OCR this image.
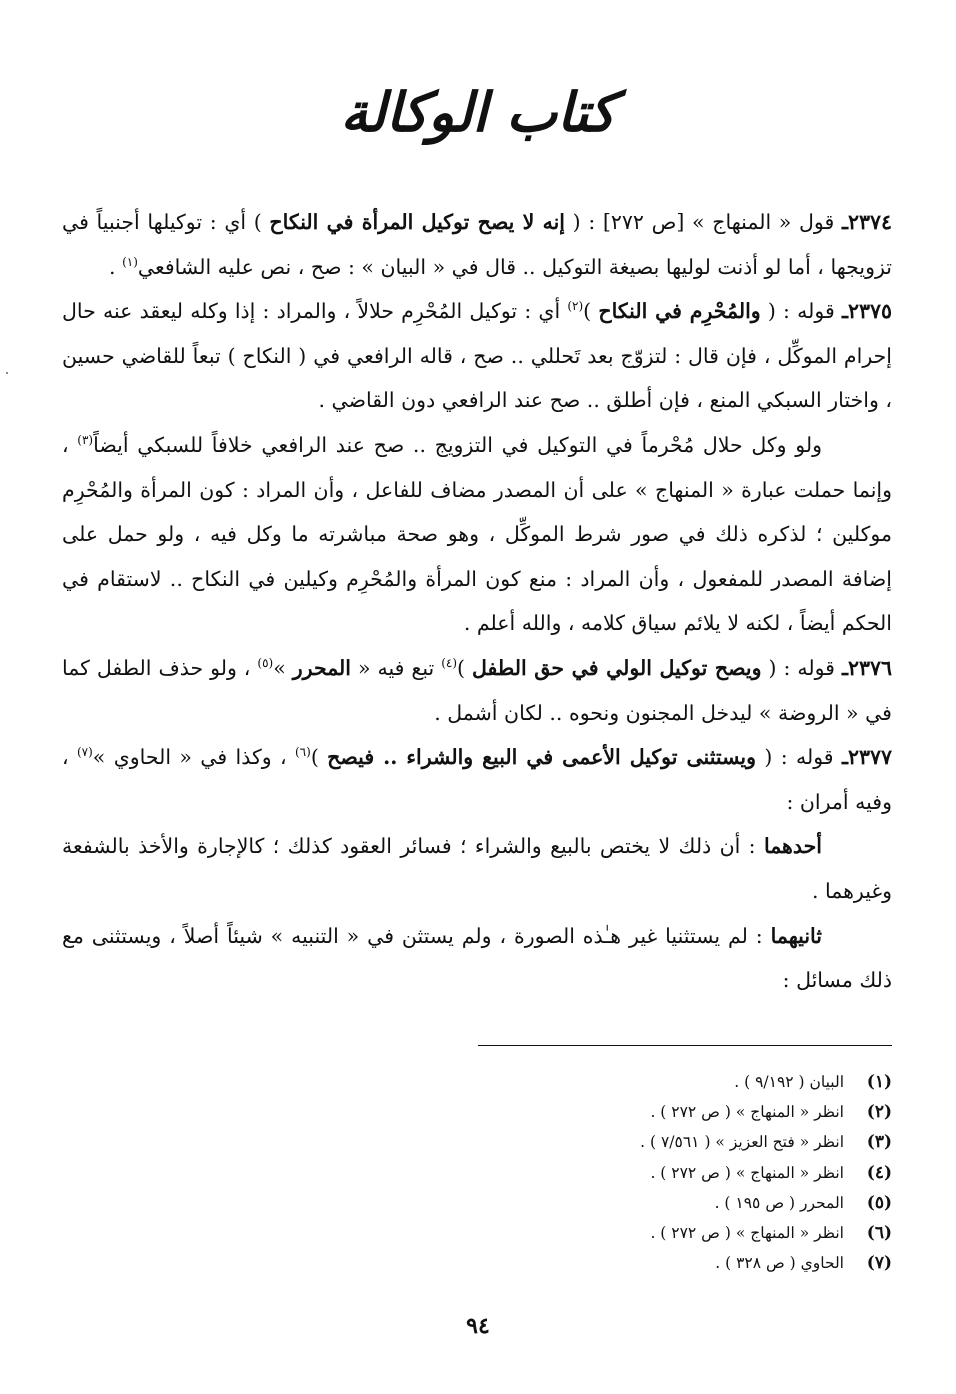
كتاب الوكالة

٢٣٧٤ـ قول « المنهاج » [ص ٢٧٢] : ( إنه لا يصح توكيل المرأة في النكاح ) أي : توكيلها أجنبياً في تزويجها ، أما لو أذنت لوليها بصيغة التوكيل .. قال في « البيان » : صح ، نص عليه الشافعي$^{(١)}$ .

٢٣٧٥ـ قوله : ( والمُحْرِم في النكاح )$^{(٢)}$ أي : توكيل المُحْرِم حلالاً ، والمراد : إذا وكله ليعقد عنه حال إحرام الموكِّل ، فإن قال : لتزوّج بعد تَحللي .. صح ، قاله الرافعي في ( النكاح ) تبعاً للقاضي حسين ، واختار السبكي المنع ، فإن أطلق .. صح عند الرافعي دون القاضي .

ولو وكل حلال مُحْرماً في التوكيل في التزويج .. صح عند الرافعي خلافاً للسبكي أيضاً$^{(٣)}$ ، وإنما حملت عبارة « المنهاج » على أن المصدر مضاف للفاعل ، وأن المراد : كون المرأة والمُحْرِم موكلين ؛ لذكره ذلك في صور شرط الموكِّل ، وهو صحة مباشرته ما وكل فيه ، ولو حمل على إضافة المصدر للمفعول ، وأن المراد : منع كون المرأة والمُحْرِم وكيلين في النكاح .. لاستقام في الحكم أيضاً ، لكنه لا يلائم سياق كلامه ، والله أعلم .

٢٣٧٦ـ قوله : ( ويصح توكيل الولي في حق الطفل )$^{(٤)}$ تبع فيه « المحرر »$^{(٥)}$ ، ولو حذف الطفل كما في « الروضة » ليدخل المجنون ونحوه .. لكان أشمل .

٢٣٧٧ـ قوله : ( ويستثنى توكيل الأعمى في البيع والشراء .. فيصح )$^{(٦)}$ ، وكذا في « الحاوي »$^{(٧)}$ ، وفيه أمران :

أحدهما : أن ذلك لا يختص بالبيع والشراء ؛ فسائر العقود كذلك ؛ كالإجارة والأخذ بالشفعة وغيرهما .

ثانيهما : لم يستثنيا غير هـٰذه الصورة ، ولم يستثن في « التنبيه » شيئاً أصلاً ، ويستثنى مع ذلك مسائل :

(١)
البيان ( ٩/١٩٢ ) .
(٢)
انظر « المنهاج » ( ص ٢٧٢ ) .
(٣)
انظر « فتح العزيز » ( ٧/٥٦١ ) .
(٤)
انظر « المنهاج » ( ص ٢٧٢ ) .
(٥)
المحرر ( ص ١٩٥ ) .
(٦)
انظر « المنهاج » ( ص ٢٧٢ ) .
(٧)
الحاوي ( ص ٣٢٨ ) .
٩٤
